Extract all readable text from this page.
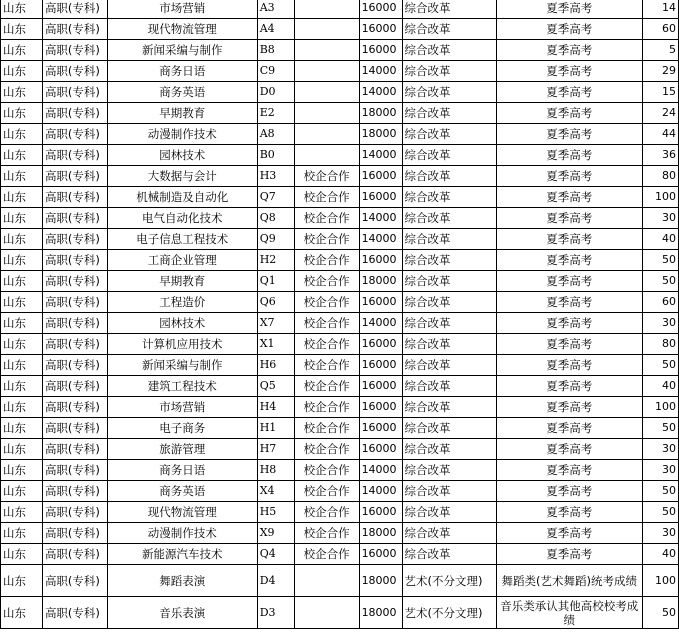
山东	高职(专科)	市场营销	A3		16000	综合改革	夏季高考	14
山东	高职(专科)	现代物流管理	A4		16000	综合改革	夏季高考	60
山东	高职(专科)	新闻采编与制作	B8		16000	综合改革	夏季高考	5
山东	高职(专科)	商务日语	C9		14000	综合改革	夏季高考	29
山东	高职(专科)	商务英语	D0		14000	综合改革	夏季高考	15
山东	高职(专科)	早期教育	E2		18000	综合改革	夏季高考	24
山东	高职(专科)	动漫制作技术	A8		18000	综合改革	夏季高考	44
山东	高职(专科)	园林技术	B0		14000	综合改革	夏季高考	36
山东	高职(专科)	大数据与会计	H3	校企合作	16000	综合改革	夏季高考	80
山东	高职(专科)	机械制造及自动化	Q7	校企合作	16000	综合改革	夏季高考	100
山东	高职(专科)	电气自动化技术	Q8	校企合作	14000	综合改革	夏季高考	30
山东	高职(专科)	电子信息工程技术	Q9	校企合作	14000	综合改革	夏季高考	40
山东	高职(专科)	工商企业管理	H2	校企合作	16000	综合改革	夏季高考	50
山东	高职(专科)	早期教育	Q1	校企合作	18000	综合改革	夏季高考	50
山东	高职(专科)	工程造价	Q6	校企合作	16000	综合改革	夏季高考	60
山东	高职(专科)	园林技术	X7	校企合作	14000	综合改革	夏季高考	30
山东	高职(专科)	计算机应用技术	X1	校企合作	16000	综合改革	夏季高考	80
山东	高职(专科)	新闻采编与制作	H6	校企合作	16000	综合改革	夏季高考	50
山东	高职(专科)	建筑工程技术	Q5	校企合作	16000	综合改革	夏季高考	40
山东	高职(专科)	市场营销	H4	校企合作	16000	综合改革	夏季高考	100
山东	高职(专科)	电子商务	H1	校企合作	16000	综合改革	夏季高考	50
山东	高职(专科)	旅游管理	H7	校企合作	16000	综合改革	夏季高考	30
山东	高职(专科)	商务日语	H8	校企合作	14000	综合改革	夏季高考	30
山东	高职(专科)	商务英语	X4	校企合作	14000	综合改革	夏季高考	50
山东	高职(专科)	现代物流管理	H5	校企合作	16000	综合改革	夏季高考	50
山东	高职(专科)	动漫制作技术	X9	校企合作	18000	综合改革	夏季高考	30
山东	高职(专科)	新能源汽车技术	Q4	校企合作	16000	综合改革	夏季高考	40
山东	高职(专科)	舞蹈表演	D4		18000	艺术(不分文理)	舞蹈类(艺术舞蹈)统考成绩	100
山东	高职(专科)	音乐表演	D3		18000	艺术(不分文理)	音乐类承认其他高校校考成绩	50
